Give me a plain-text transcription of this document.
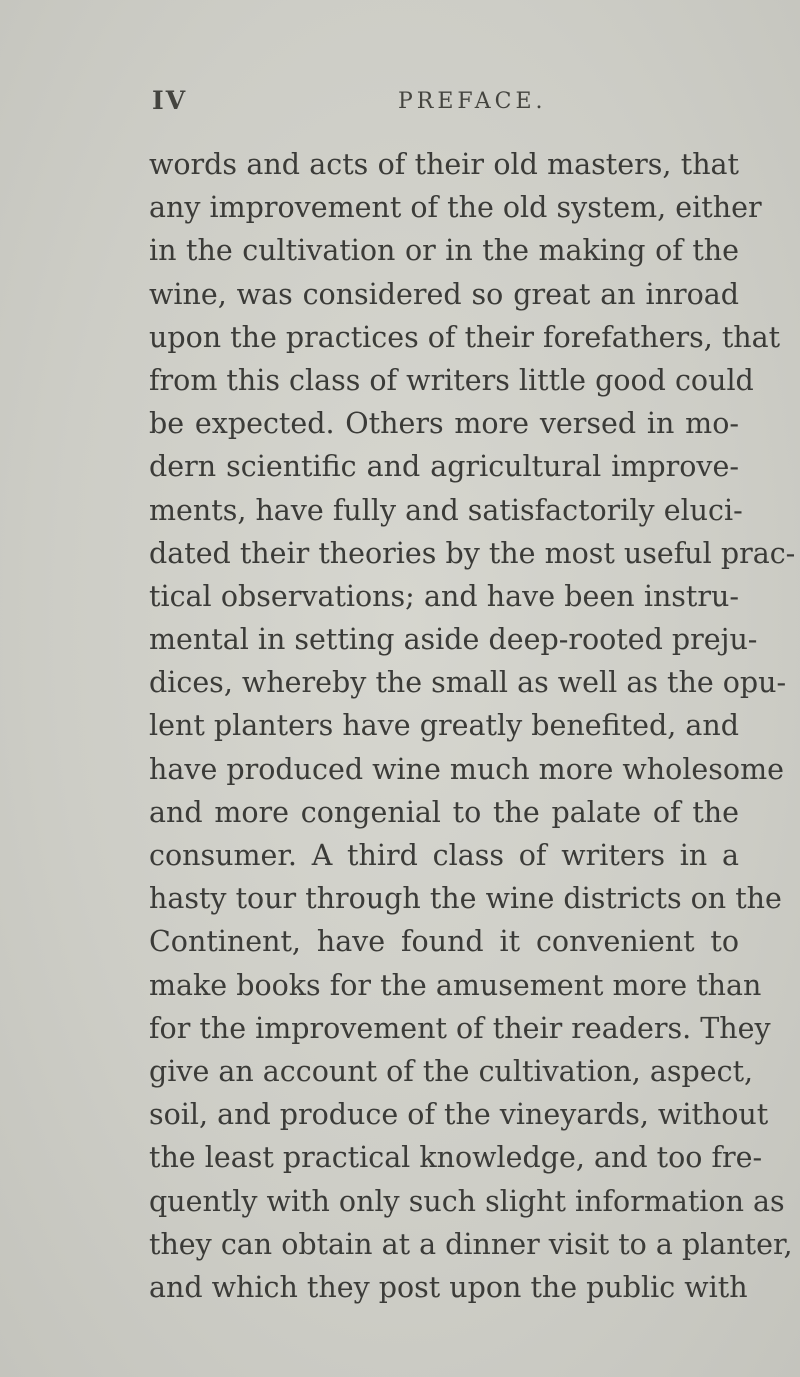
IV	PREFACE.
words and acts of their old masters, that
any improvement of the old system, either
in the cultivation or in the making of the
wine, was considered so great an inroad
upon the practices of their forefathers, that
from this class of writers little good could
be expected. Others more versed in mo-
dern scientific and agricultural improve-
ments, have fully and satisfactorily eluci-
dated their theories by the most useful prac-
tical observations; and have been instru-
mental in setting aside deep-rooted preju-
dices, whereby the small as well as the opu-
lent planters have greatly benefited, and
have produced wine much more wholesome
and more congenial to the palate of the
consumer. A third class of writers in a
hasty tour through the wine districts on the
Continent, have found it convenient to
make books for the amusement more than
for the improvement of their readers. They
give an account of the cultivation, aspect,
soil, and produce of the vineyards, without
the least practical knowledge, and too fre-
quently with only such slight information as
they can obtain at a dinner visit to a planter,
and which they post upon the public with
